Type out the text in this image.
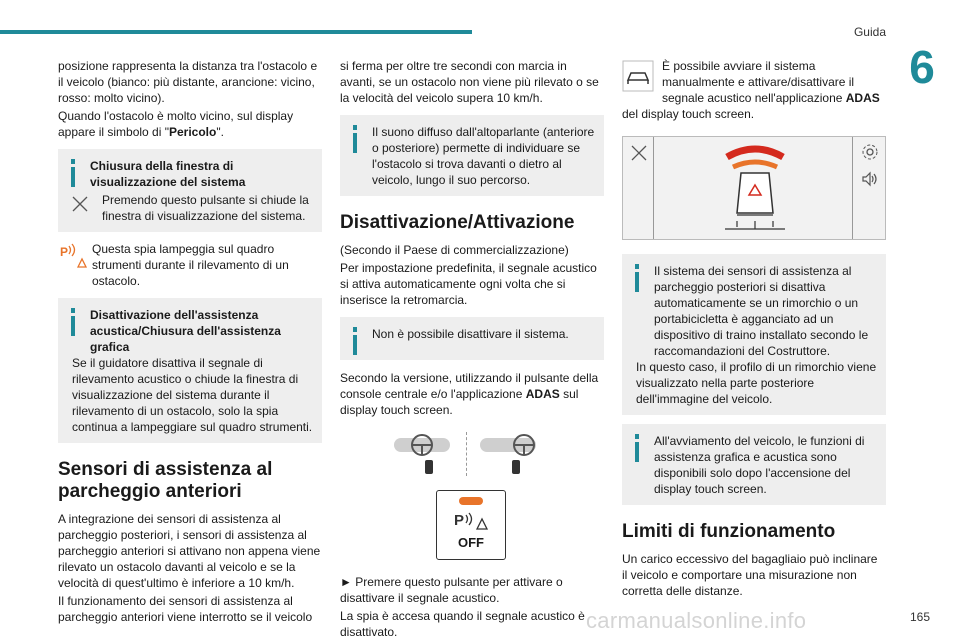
Guida
6

posizione rappresenta la distanza tra l'ostacolo e il veicolo (bianco: più distante, arancione: vicino, rosso: molto vicino).

Quando l'ostacolo è molto vicino, sul display appare il simbolo di "Pericolo".

Chiusura della finestra di visualizzazione del sistema

Premendo questo pulsante si chiude la finestra di visualizzazione del sistema.

P Questa spia lampeggia sul quadro strumenti durante il rilevamento di un ostacolo.

Disattivazione dell'assistenza acustica/Chiusura dell'assistenza grafica

Se il guidatore disattiva il segnale di rilevamento acustico o chiude la finestra di visualizzazione del sistema durante il rilevamento di un ostacolo, solo la spia continua a lampeggiare sul quadro strumenti.

Sensori di assistenza al parcheggio anteriori

A integrazione dei sensori di assistenza al parcheggio posteriori, i sensori di assistenza al parcheggio anteriori si attivano non appena viene rilevato un ostacolo davanti al veicolo e se la velocità di quest'ultimo è inferiore a 10 km/h.

Il funzionamento dei sensori di assistenza al parcheggio anteriori viene interrotto se il veicolo

si ferma per oltre tre secondi con marcia in avanti, se un ostacolo non viene più rilevato o se la velocità del veicolo supera 10 km/h.

Il suono diffuso dall'altoparlante (anteriore o posteriore) permette di individuare se l'ostacolo si trova davanti o dietro al veicolo, lungo il suo percorso.

Disattivazione/Attivazione

(Secondo il Paese di commercializzazione)

Per impostazione predefinita, il segnale acustico si attiva automaticamente ogni volta che si inserisce la retromarcia.

Non è possibile disattivare il sistema.

Secondo la versione, utilizzando il pulsante della console centrale e/o l'applicazione ADAS sul display touch screen.

P
OFF

► Premere questo pulsante per attivare o disattivare il segnale acustico.

La spia è accesa quando il segnale acustico è disattivato.

È possibile avviare il sistema manualmente e attivare/disattivare il segnale acustico nell'applicazione ADAS del display touch screen.

Il sistema dei sensori di assistenza al parcheggio posteriori si disattiva automaticamente se un rimorchio o un portabicicletta è agganciato ad un dispositivo di traino installato secondo le raccomandazioni del Costruttore.

In questo caso, il profilo di un rimorchio viene visualizzato nella parte posteriore dell'immagine del veicolo.

All'avviamento del veicolo, le funzioni di assistenza grafica e acustica sono disponibili solo dopo l'accensione del display touch screen.

Limiti di funzionamento

Un carico eccessivo del bagagliaio può inclinare il veicolo e comportare una misurazione non corretta delle distanze.

carmanualsonline.info	165
